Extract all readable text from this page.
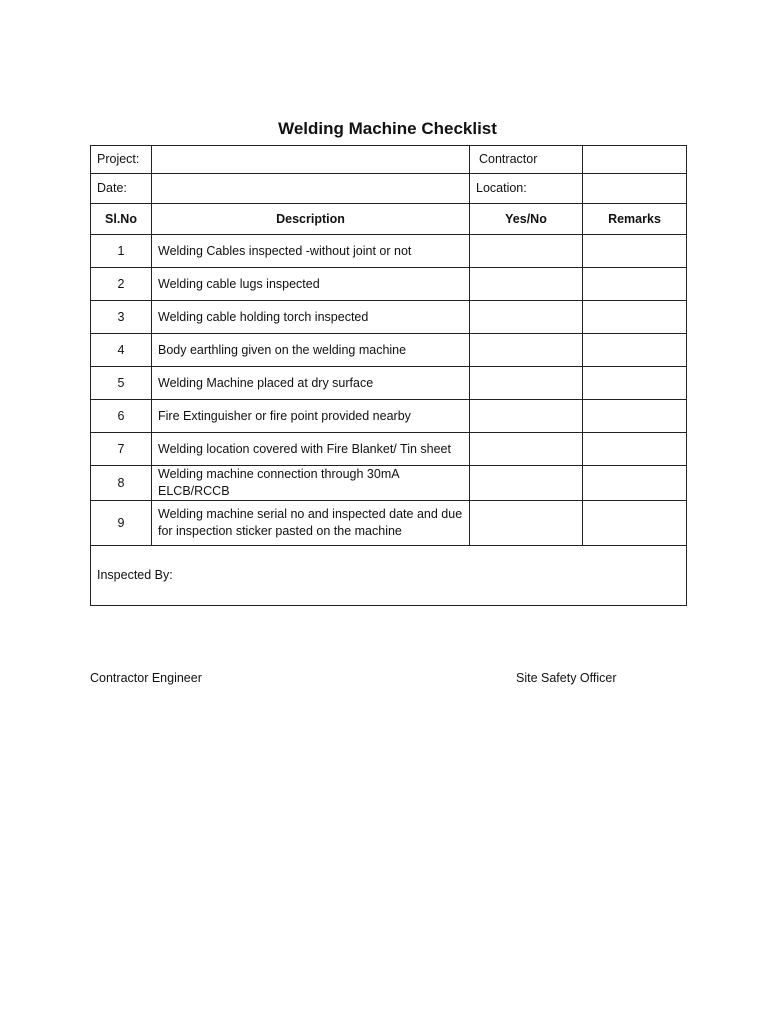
Welding Machine Checklist
Project:		Contractor	
Date:		Location:	
Sl.No	Description	Yes/No	Remarks
1	Welding Cables inspected -without joint or not		
2	Welding cable lugs inspected		
3	Welding cable holding torch inspected		
4	Body earthling given on the welding machine		
5	Welding Machine placed at dry surface		
6	Fire Extinguisher or fire point provided nearby		
7	Welding location covered with Fire Blanket/ Tin sheet		
8	Welding machine connection through 30mA ELCB/RCCB		
9	Welding machine serial no and inspected date and due for inspection sticker pasted on the machine		
Inspected By:			
Contractor Engineer	Site Safety Officer
